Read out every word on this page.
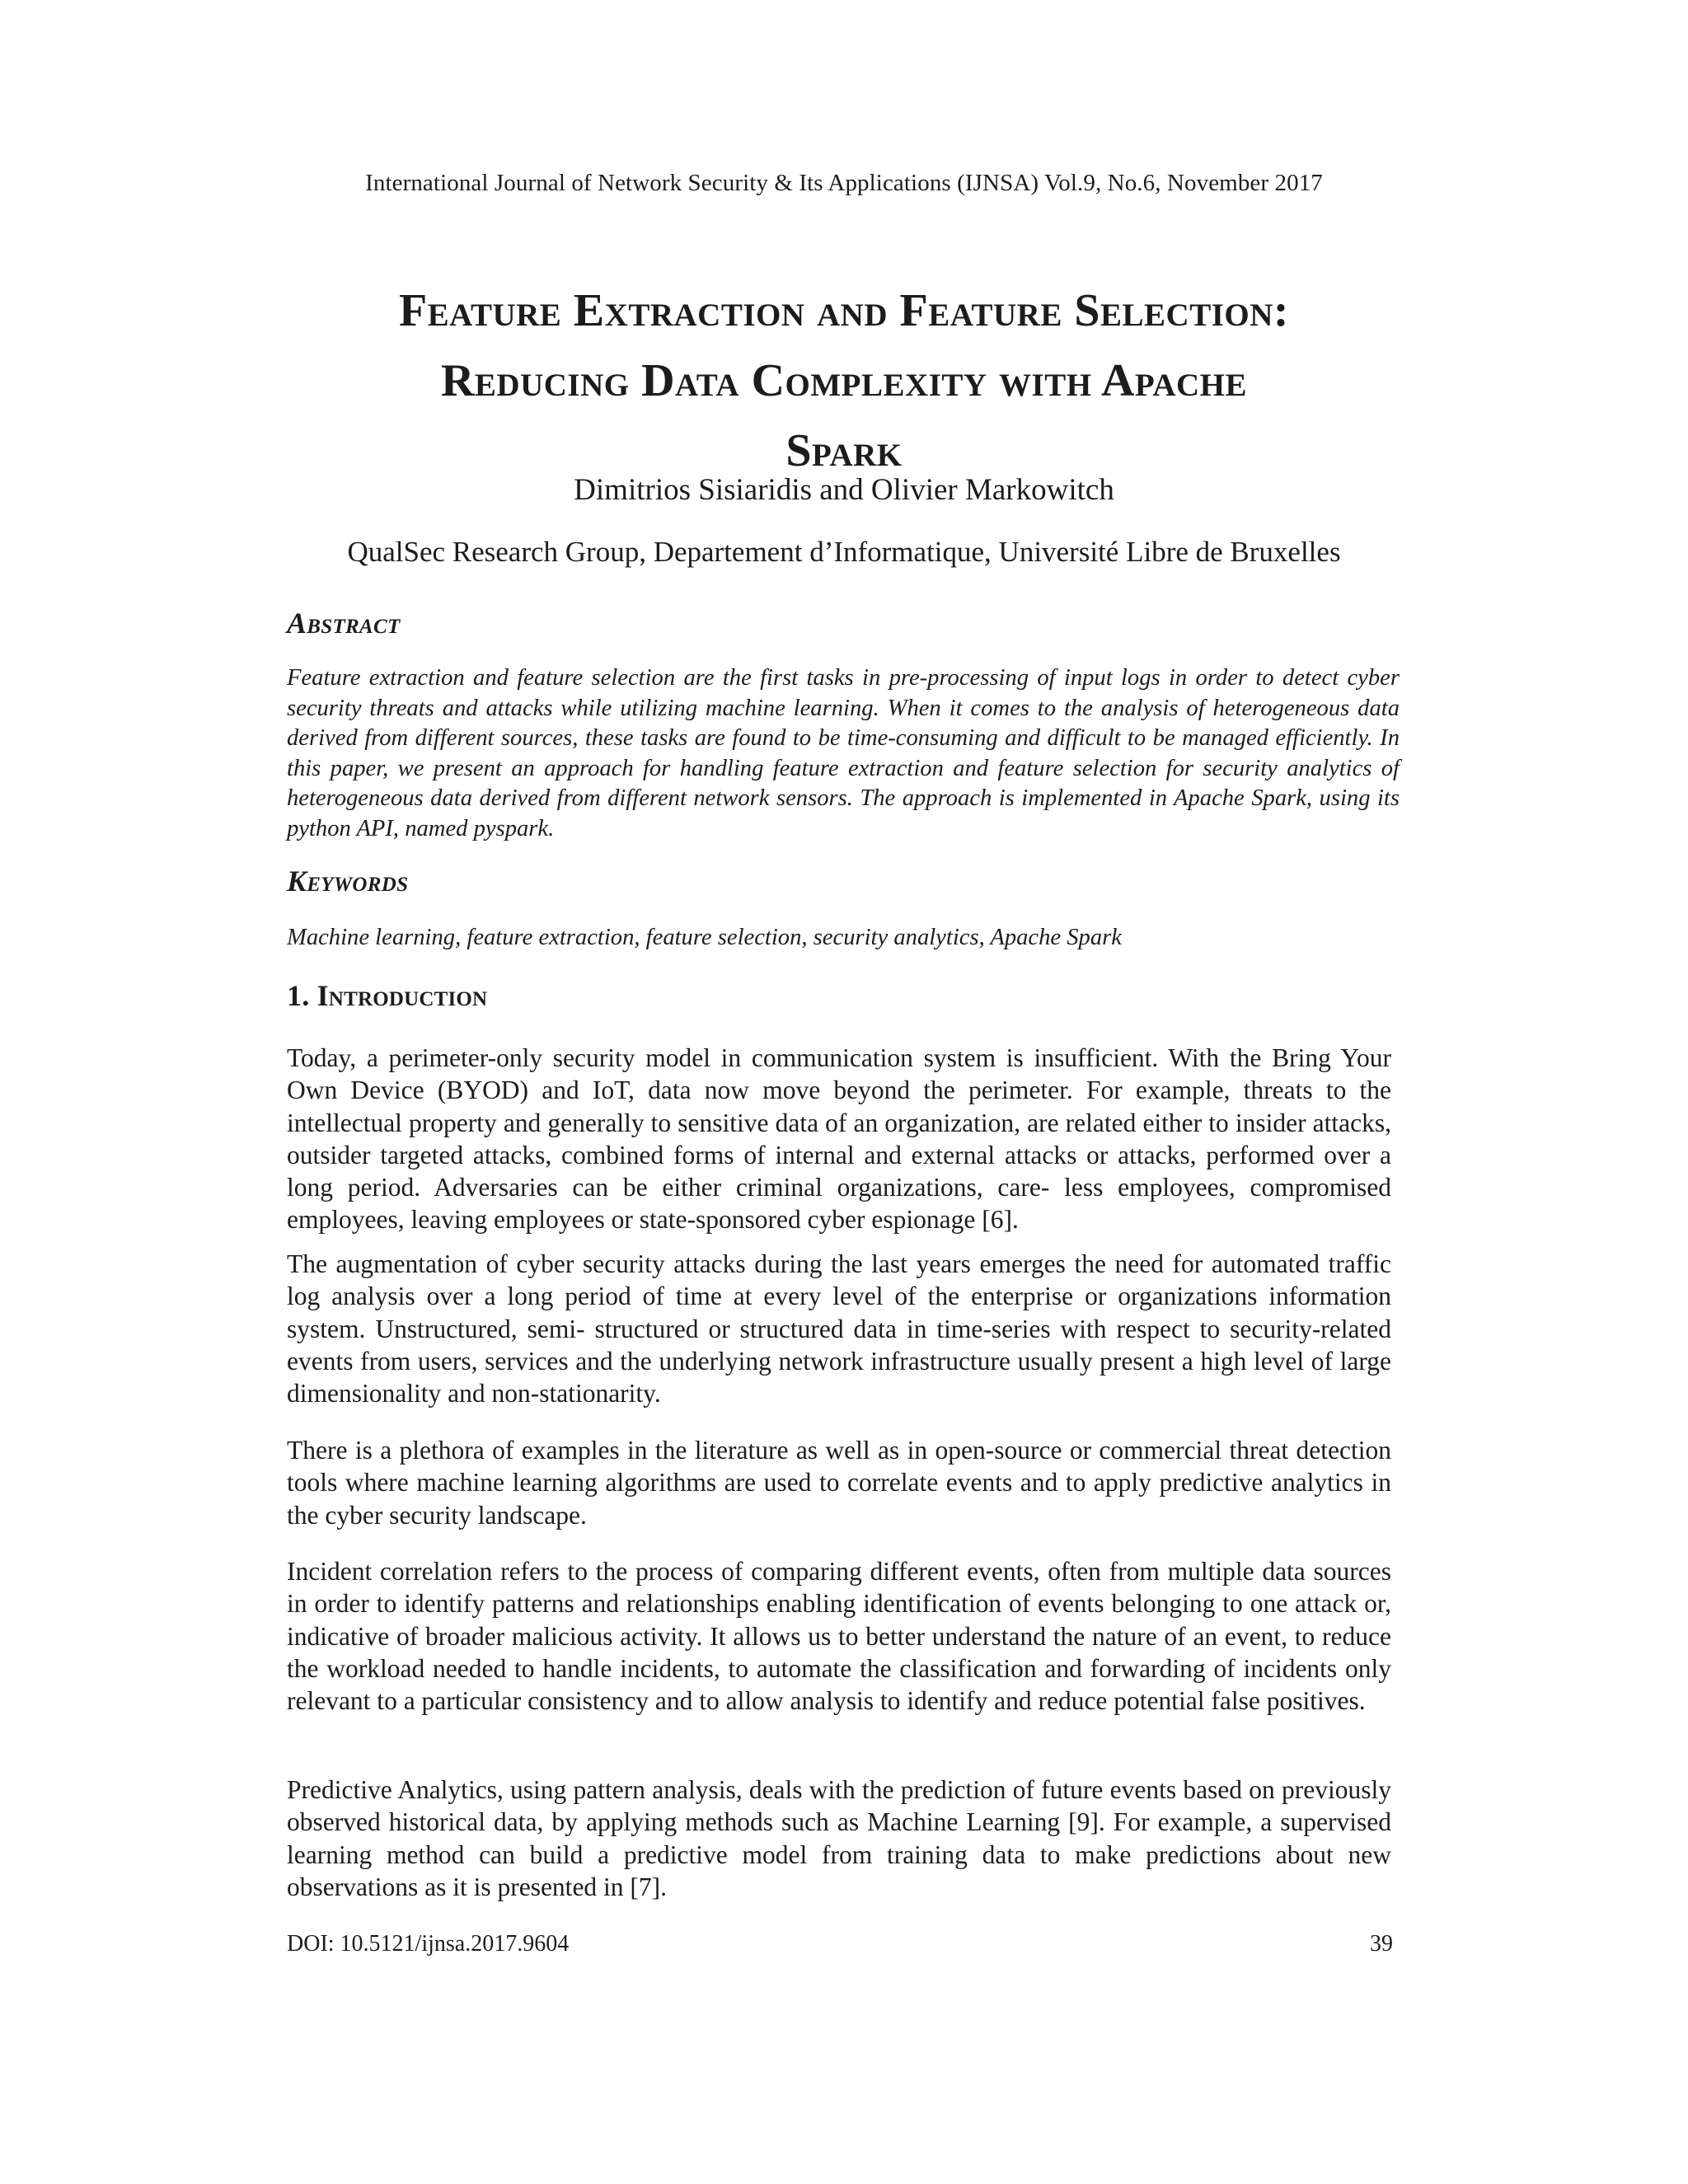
International Journal of Network Security & Its Applications (IJNSA) Vol.9, No.6, November 2017
Feature Extraction and Feature Selection:
Reducing Data Complexity with Apache
Spark
Dimitrios Sisiaridis and Olivier Markowitch
QualSec Research Group, Departement d’Informatique, Université Libre de Bruxelles
Abstract

Feature extraction and feature selection are the first tasks in pre-processing of input logs in order to detect cyber security threats and attacks while utilizing machine learning. When it comes to the analysis of heterogeneous data derived from different sources, these tasks are found to be time-consuming and difficult to be managed efficiently. In this paper, we present an approach for handling feature extraction and feature selection for security analytics of heterogeneous data derived from different network sensors. The approach is implemented in Apache Spark, using its python API, named pyspark.

Keywords

Machine learning, feature extraction, feature selection, security analytics, Apache Spark

1. Introduction

Today, a perimeter-only security model in communication system is insufficient. With the Bring Your Own Device (BYOD) and IoT, data now move beyond the perimeter. For example, threats to the intellectual property and generally to sensitive data of an organization, are related either to insider attacks, outsider targeted attacks, combined forms of internal and external attacks or attacks, performed over a long period. Adversaries can be either criminal organizations, care- less employees, compromised employees, leaving employees or state-sponsored cyber espionage [6].

The augmentation of cyber security attacks during the last years emerges the need for automated traffic log analysis over a long period of time at every level of the enterprise or organizations information system. Unstructured, semi- structured or structured data in time-series with respect to security-related events from users, services and the underlying network infrastructure usually present a high level of large dimensionality and non-stationarity.

There is a plethora of examples in the literature as well as in open-source or commercial threat detection tools where machine learning algorithms are used to correlate events and to apply predictive analytics in the cyber security landscape.

Incident correlation refers to the process of comparing different events, often from multiple data sources in order to identify patterns and relationships enabling identification of events belonging to one attack or, indicative of broader malicious activity. It allows us to better understand the nature of an event, to reduce the workload needed to handle incidents, to automate the classification and forwarding of incidents only relevant to a particular consistency and to allow analysis to identify and reduce potential false positives.

Predictive Analytics, using pattern analysis, deals with the prediction of future events based on previously observed historical data, by applying methods such as Machine Learning [9]. For example, a supervised learning method can build a predictive model from training data to make predictions about new observations as it is presented in [7].

DOI: 10.5121/ijnsa.2017.9604	39
